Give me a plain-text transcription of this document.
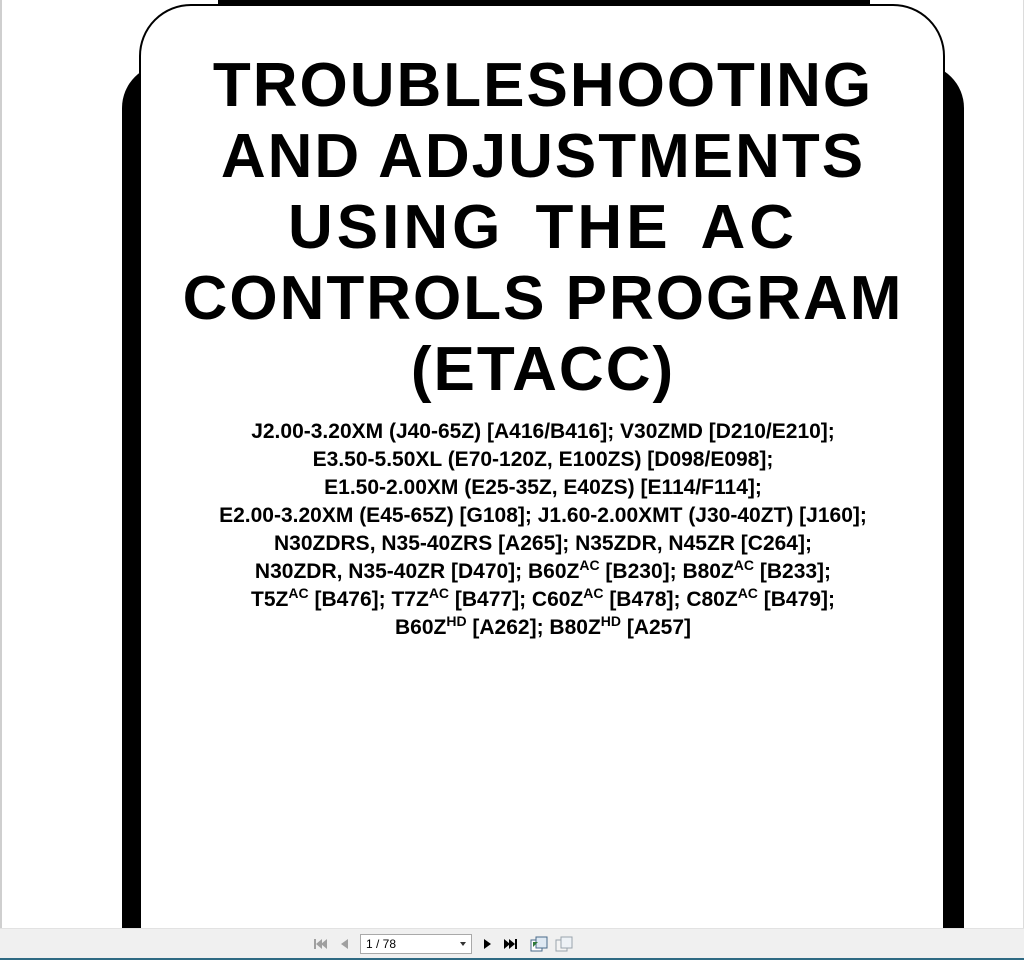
TROUBLESHOOTING
AND ADJUSTMENTS
USING THE AC
CONTROLS PROGRAM
(ETACC)
J2.00-3.20XM (J40-65Z) [A416/B416]; V30ZMD [D210/E210];
E3.50-5.50XL (E70-120Z, E100ZS) [D098/E098];
E1.50-2.00XM (E25-35Z, E40ZS) [E114/F114];
E2.00-3.20XM (E45-65Z) [G108]; J1.60-2.00XMT (J30-40ZT) [J160];
N30ZDRS, N35-40ZRS [A265]; N35ZDR, N45ZR [C264];
N30ZDR, N35-40ZR [D470]; $B60Z^{AC}$ [B230]; $B80Z^{AC}$ [B233];
$T5Z^{AC}$ [B476]; $T7Z^{AC}$ [B477]; $C60Z^{AC}$ [B478]; $C80Z^{AC}$ [B479];
$B60Z^{HD}$ [A262]; $B80Z^{HD}$ [A257]
1 / 78
